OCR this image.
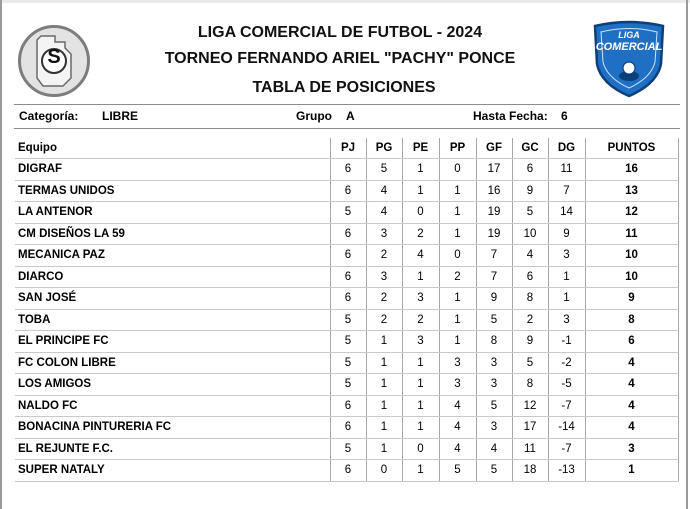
S
LIGA
COMERCIAL
LIGA COMERCIAL DE FUTBOL - 2024
TORNEO FERNANDO ARIEL "PACHY" PONCE
TABLA DE POSICIONES
Categoría: LIBRE	Grupo A	Hasta Fecha: 6
Equipo	PJ	PG	PE	PP	GF	GC	DG	PUNTOS
DIGRAF	6	5	1	0	17	6	11	16
TERMAS UNIDOS	6	4	1	1	16	9	7	13
LA ANTENOR	5	4	0	1	19	5	14	12
CM DISEÑOS LA 59	6	3	2	1	19	10	9	11
MECANICA PAZ	6	2	4	0	7	4	3	10
DIARCO	6	3	1	2	7	6	1	10
SAN JOSÉ	6	2	3	1	9	8	1	9
TOBA	5	2	2	1	5	2	3	8
EL PRINCIPE FC	5	1	3	1	8	9	-1	6
FC COLON LIBRE	5	1	1	3	3	5	-2	4
LOS AMIGOS	5	1	1	3	3	8	-5	4
NALDO FC	6	1	1	4	5	12	-7	4
BONACINA PINTURERIA FC	6	1	1	4	3	17	-14	4
EL REJUNTE F.C.	5	1	0	4	4	11	-7	3
SUPER NATALY	6	0	1	5	5	18	-13	1
